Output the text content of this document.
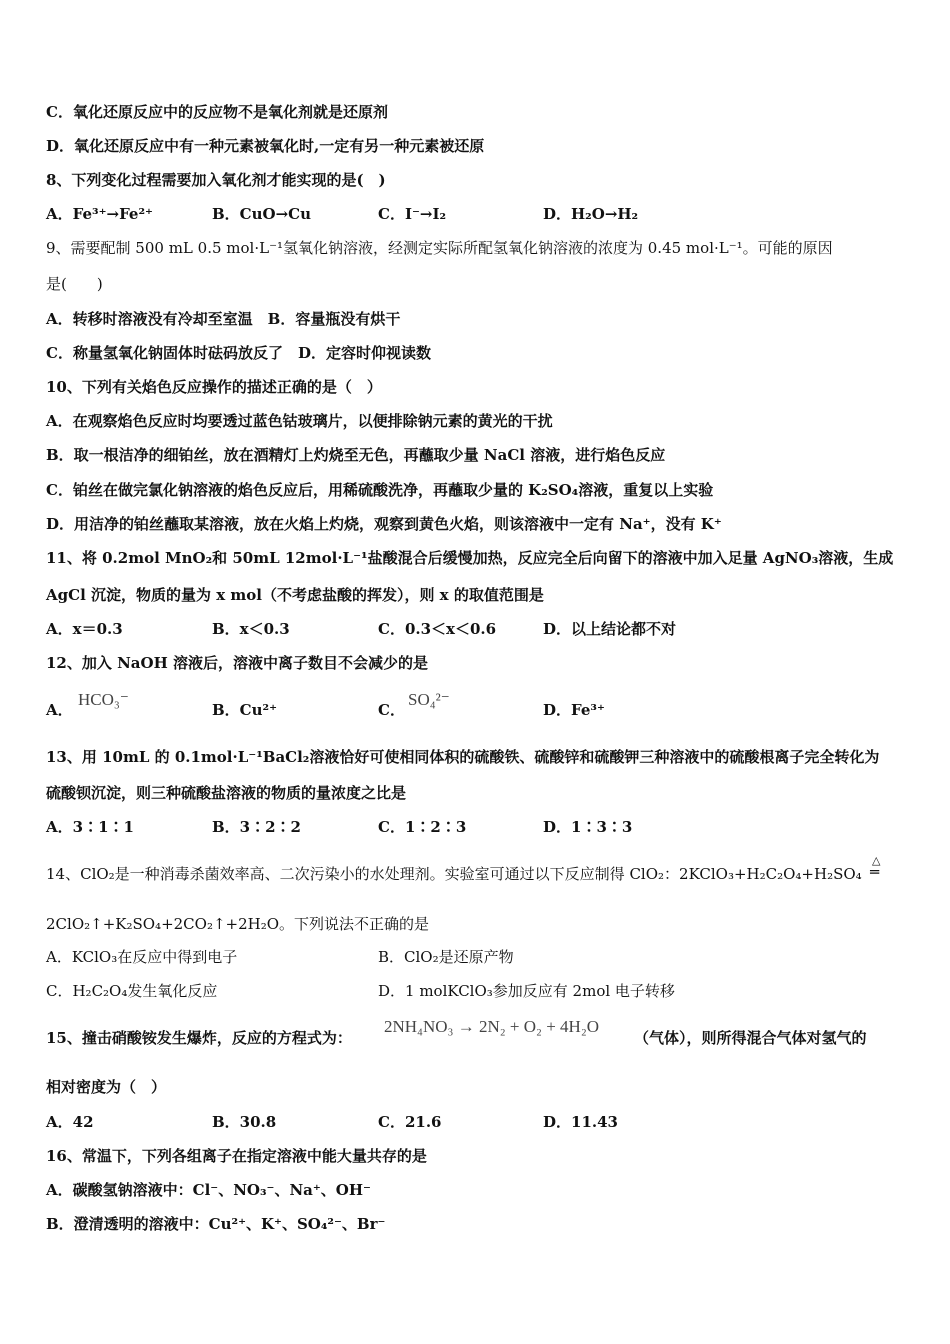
C．氧化还原反应中的反应物不是氧化剂就是还原剂
D．氧化还原反应中有一种元素被氧化时,一定有另一种元素被还原
8、下列变化过程需要加入氧化剂才能实现的是(　)
A．Fe³⁺→Fe²⁺	B．CuO→Cu	C．I⁻→I₂	D．H₂O→H₂
9、需要配制 500 mL 0.5 mol·L⁻¹氢氧化钠溶液，经测定实际所配氢氧化钠溶液的浓度为 0.45 mol·L⁻¹。可能的原因
是(　　)
A．转移时溶液没有冷却至室温　B．容量瓶没有烘干
C．称量氢氧化钠固体时砝码放反了　D．定容时仰视读数
10、下列有关焰色反应操作的描述正确的是（　）
A．在观察焰色反应时均要透过蓝色钴玻璃片，以便排除钠元素的黄光的干扰
B．取一根洁净的细铂丝，放在酒精灯上灼烧至无色，再蘸取少量 NaCl 溶液，进行焰色反应
C．铂丝在做完氯化钠溶液的焰色反应后，用稀硫酸洗净，再蘸取少量的 K₂SO₄溶液，重复以上实验
D．用洁净的铂丝蘸取某溶液，放在火焰上灼烧，观察到黄色火焰，则该溶液中一定有 Na⁺，没有 K⁺
11、将 0.2mol MnO₂和 50mL 12mol·L⁻¹盐酸混合后缓慢加热，反应完全后向留下的溶液中加入足量 AgNO₃溶液，生成
AgCl 沉淀，物质的量为 x mol（不考虑盐酸的挥发），则 x 的取值范围是
A．x＝0.3	B．x＜0.3	C．0.3＜x＜0.6	D．以上结论都不对
12、加入 NaOH 溶液后，溶液中离子数目不会减少的是
A．
HCO₃⁻
B．Cu²⁺	C．
SO₄²⁻
D．Fe³⁺
13、用 10mL 的 0.1mol·L⁻¹BaCl₂溶液恰好可使相同体积的硫酸铁、硫酸锌和硫酸钾三种溶液中的硫酸根离子完全转化为
硫酸钡沉淀，则三种硫酸盐溶液的物质的量浓度之比是
A．3∶1∶1	B．3∶2∶2	C．1∶2∶3	D．1∶3∶3
14、ClO₂是一种消毒杀菌效率高、二次污染小的水处理剂。实验室可通过以下反应制得 ClO₂：2KClO₃+H₂C₂O₄+H₂SO₄
△
═
2ClO₂↑+K₂SO₄+2CO₂↑+2H₂O。下列说法不正确的是
A．KClO₃在反应中得到电子	B．ClO₂是还原产物
C．H₂C₂O₄发生氧化反应	D．1 molKClO₃参加反应有 2mol 电子转移
15、撞击硝酸铵发生爆炸，反应的方程式为：
2NH₄NO₃ → 2N₂ + O₂ + 4H₂O
（气体），则所得混合气体对氢气的
相对密度为（　）
A．42	B．30.8	C．21.6	D．11.43
16、常温下，下列各组离子在指定溶液中能大量共存的是
A．碳酸氢钠溶液中：Cl⁻、NO₃⁻、Na⁺、OH⁻
B．澄清透明的溶液中：Cu²⁺、K⁺、SO₄²⁻、Br⁻
